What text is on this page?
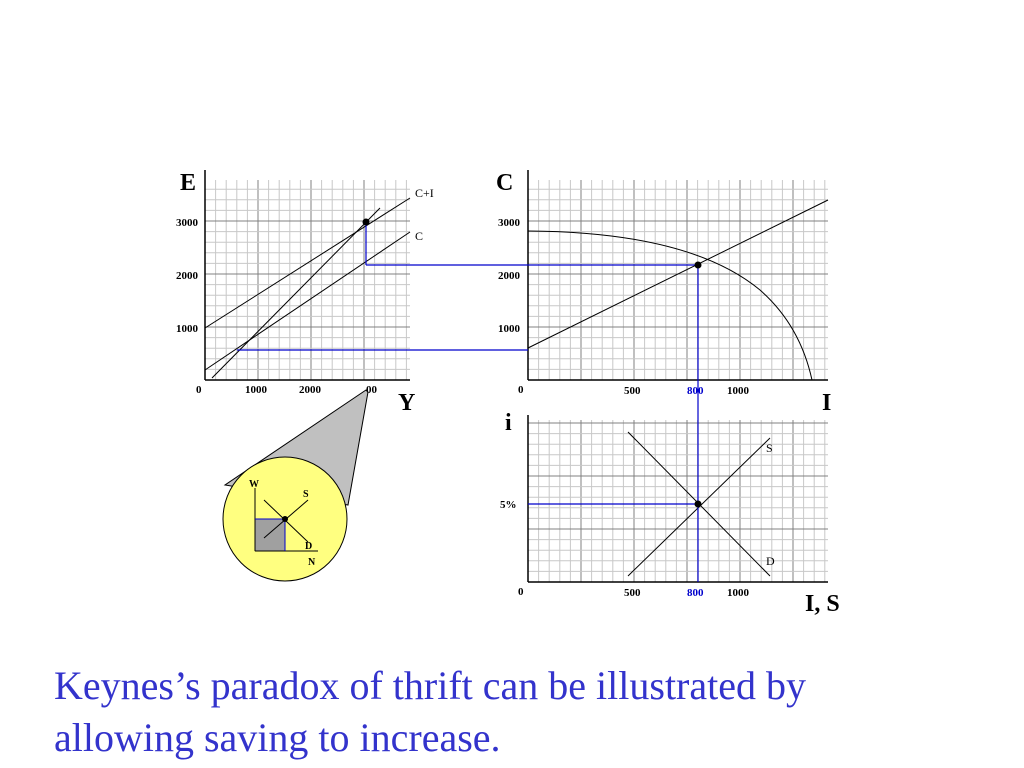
W
S
D
N
E
Y
1000
2000
3000
0	1000	2000	00
C+I
C
C
I
3000
2000
1000
0	500	800 1000
i
I, S
5%
0	500	800 1000
S
D

Keynes’s paradox of thrift can be illustrated by allowing saving to increase.
